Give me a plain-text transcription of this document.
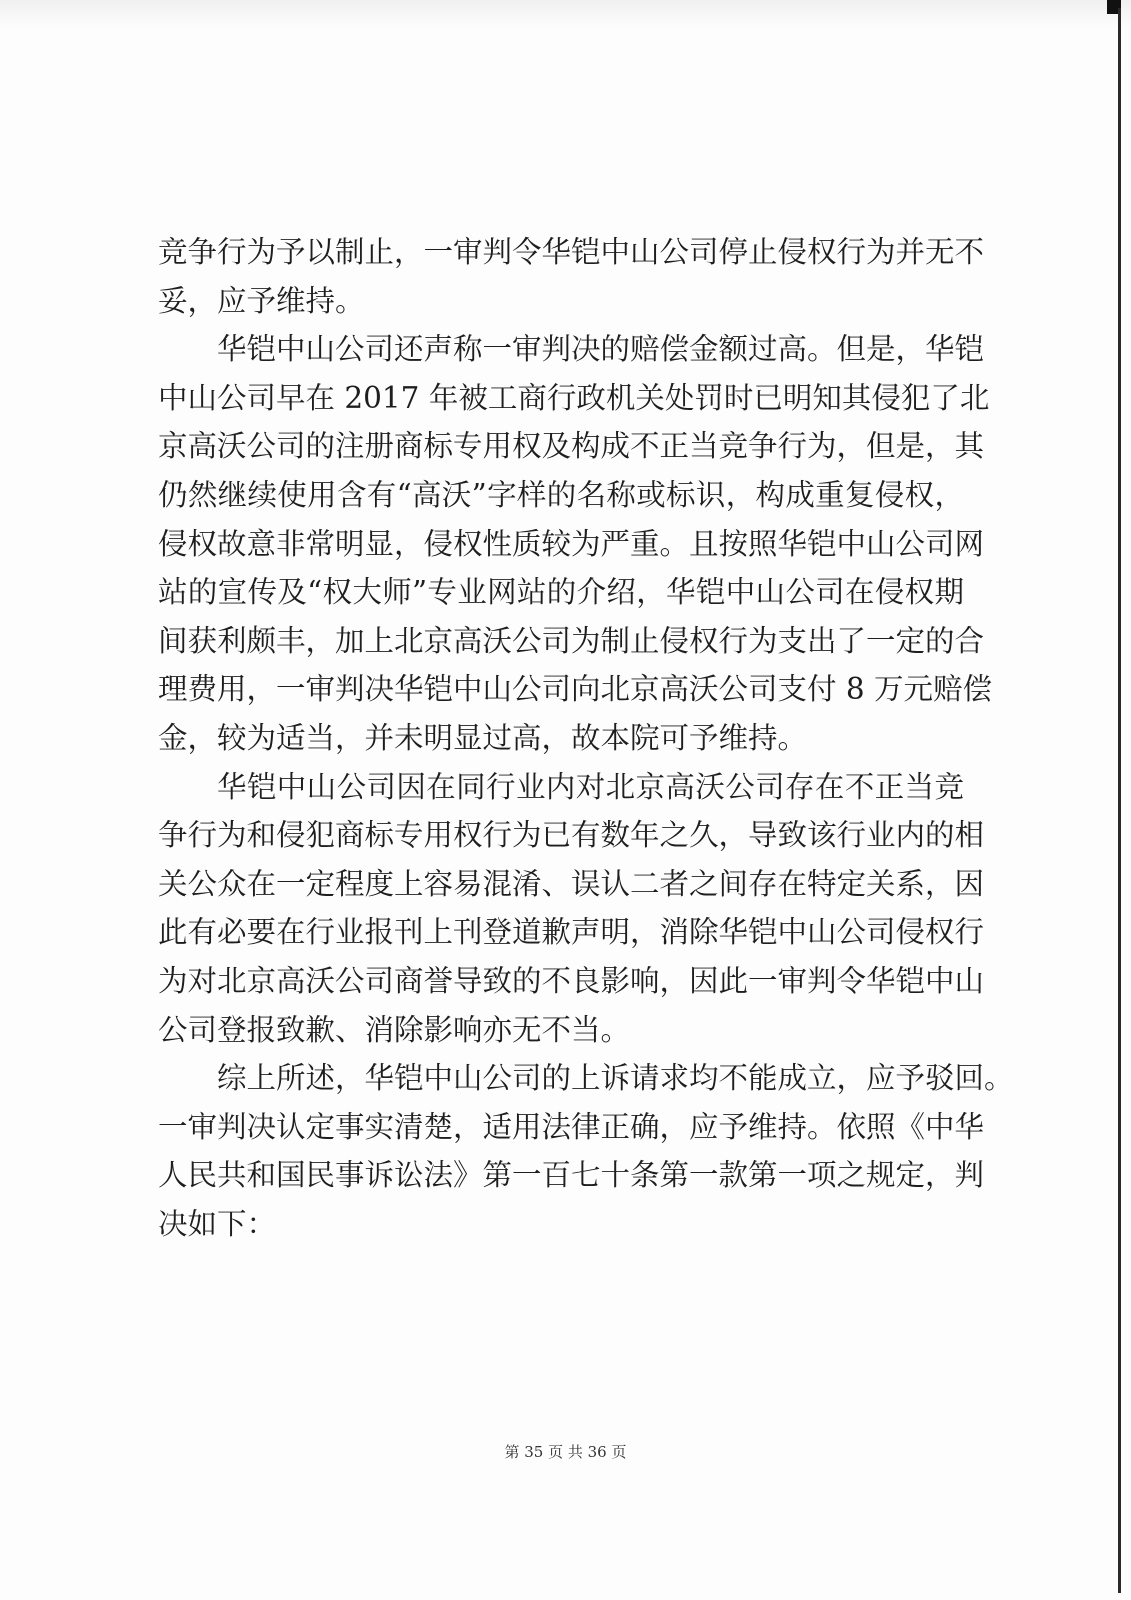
竞争行为予以制止，一审判令华铠中山公司停止侵权行为并无不
妥，应予维持。
华铠中山公司还声称一审判决的赔偿金额过高。但是，华铠
中山公司早在 2017 年被工商行政机关处罚时已明知其侵犯了北
京高沃公司的注册商标专用权及构成不正当竞争行为，但是，其
仍然继续使用含有“高沃”字样的名称或标识，构成重复侵权，
侵权故意非常明显，侵权性质较为严重。且按照华铠中山公司网
站的宣传及“权大师”专业网站的介绍，华铠中山公司在侵权期
间获利颇丰，加上北京高沃公司为制止侵权行为支出了一定的合
理费用，一审判决华铠中山公司向北京高沃公司支付 8 万元赔偿
金，较为适当，并未明显过高，故本院可予维持。
华铠中山公司因在同行业内对北京高沃公司存在不正当竞
争行为和侵犯商标专用权行为已有数年之久，导致该行业内的相
关公众在一定程度上容易混淆、误认二者之间存在特定关系，因
此有必要在行业报刊上刊登道歉声明，消除华铠中山公司侵权行
为对北京高沃公司商誉导致的不良影响，因此一审判令华铠中山
公司登报致歉、消除影响亦无不当。
综上所述，华铠中山公司的上诉请求均不能成立，应予驳回。
一审判决认定事实清楚，适用法律正确，应予维持。依照《中华
人民共和国民事诉讼法》第一百七十条第一款第一项之规定，判
决如下：
第 35 页 共 36 页
